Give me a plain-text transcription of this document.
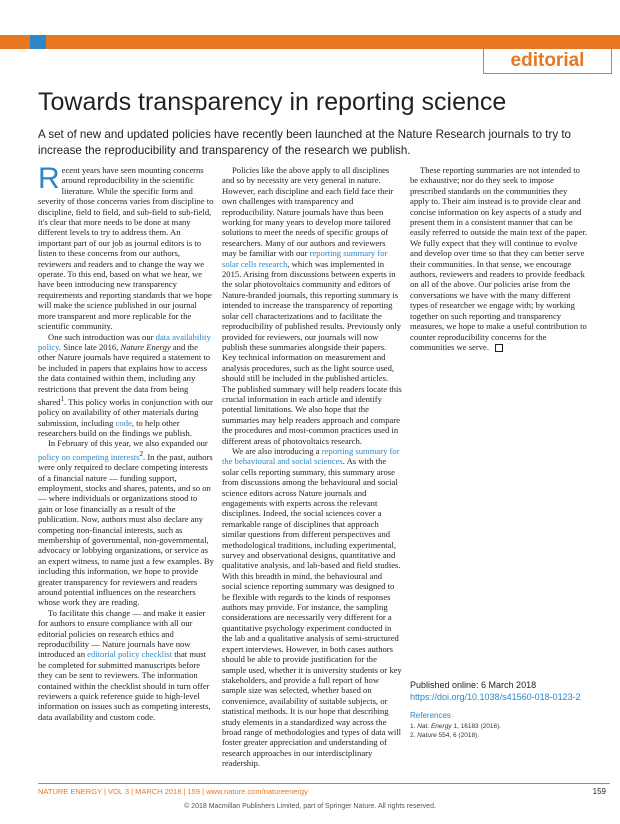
editorial
Towards transparency in reporting science

A set of new and updated policies have recently been launched at the Nature Research journals to try to increase the reproducibility and transparency of the research we publish.

Recent years have seen mounting concerns around reproducibility in the scientific literature. While the specific form and severity of those concerns varies from discipline to discipline, field to field, and sub-field to sub-field, it's clear that more needs to be done at many different levels to try to address them. An important part of our job as journal editors is to listen to these concerns from our authors, reviewers and readers and to change the way we operate. To this end, based on what we hear, we have been introducing new transparency requirements and reporting standards that we hope will make the science published in our journal more transparent and more replicable for the scientific community.

One such introduction was our data availability policy. Since late 2016, Nature Energy and the other Nature journals have required a statement to be included in papers that explains how to access the data contained within them, including any restrictions that prevent the data from being shared$^1$. This policy works in conjunction with our policy on availability of other materials during submission, including code, to help other researchers build on the findings we publish.

In February of this year, we also expanded our policy on competing interests$^2$. In the past, authors were only required to declare competing interests of a financial nature — funding support, employment, stocks and shares, patents, and so on — where individuals or organizations stood to gain or lose financially as a result of the publication. Now, authors must also declare any competing non-financial interests, such as membership of governmental, non-governmental, advocacy or lobbying organizations, or service as an expert witness, to name just a few examples. By including this information, we hope to provide greater transparency for reviewers and readers around potential influences on the researchers whose work they are reading.

To facilitate this change — and make it easier for authors to ensure compliance with all our editorial policies on research ethics and reproducibility — Nature journals have now introduced an editorial policy checklist that must be completed for submitted manuscripts before they can be sent to reviewers. The information contained within the checklist should in turn offer reviewers a quick reference guide to high-level information on issues such as competing interests, data availability and custom code.

Policies like the above apply to all disciplines and so by necessity are very general in nature. However, each discipline and each field face their own challenges with transparency and reproducibility. Nature journals have thus been working for many years to develop more tailored solutions to meet the needs of specific groups of researchers. Many of our authors and reviewers may be familiar with our reporting summary for solar cells research, which was implemented in 2015. Arising from discussions between experts in the solar photovoltaics community and editors of Nature-branded journals, this reporting summary is intended to increase the transparency of reporting solar cell characterizations and to facilitate the reproducibility of published results. Previously only provided for reviewers, our journals will now publish these summaries alongside their papers. Key technical information on measurement and analysis procedures, such as the light source used, should still be included in the published articles. The published summary will help readers locate this crucial information in each article and identify potential limitations. We also hope that the summaries may help readers approach and compare the procedures and most-common practices used in different areas of photovoltaics research.

We are also introducing a reporting summary for the behavioural and social sciences. As with the solar cells reporting summary, this summary arose from discussions among the behavioural and social science editors across Nature journals and engagements with experts across the relevant disciplines. Indeed, the social sciences cover a remarkable range of disciplines that approach similar questions from different perspectives and methodological traditions, including experimental, survey and observational designs, quantitative and qualitative analysis, and lab-based and field studies. With this breadth in mind, the behavioural and social science reporting summary was designed to be flexible with regards to the kinds of responses authors may provide. For instance, the sampling considerations are necessarily very different for a quantitative psychology experiment conducted in the lab and a qualitative analysis of semi-structured expert interviews. However, in both cases authors should be able to provide justification for the sample used, whether it is university students or key stakeholders, and provide a full report of how sample size was selected, whether based on convenience, availability of suitable subjects, or statistical methods. It is our hope that describing study elements in a standardized way across the broad range of methodologies and types of data will foster greater appreciation and understanding of research approaches in our interdisciplinary readership.

These reporting summaries are not intended to be exhaustive; nor do they seek to impose prescribed standards on the communities they apply to. Their aim instead is to provide clear and concise information on key aspects of a study and present them in a consistent manner that can be easily referred to outside the main text of the paper. We fully expect that they will continue to evolve and develop over time so that they can better serve their communities. In that sense, we encourage authors, reviewers and readers to provide feedback on all of the above. Our policies arise from the conversations we have with the many different types of researcher we engage with; by working together on such reporting and transparency measures, we hope to make a useful contribution to counter reproducibility concerns for the communities we serve.

Published online: 6 March 2018
https://doi.org/10.1038/s41560-018-0123-2
References
1. Nat. Energy 1, 16183 (2016).
2. Nature 554, 6 (2018).
NATURE ENERGY | VOL 3 | MARCH 2018 | 159 | www.nature.com/natureenergy	159
© 2018 Macmillan Publishers Limited, part of Springer Nature. All rights reserved.
